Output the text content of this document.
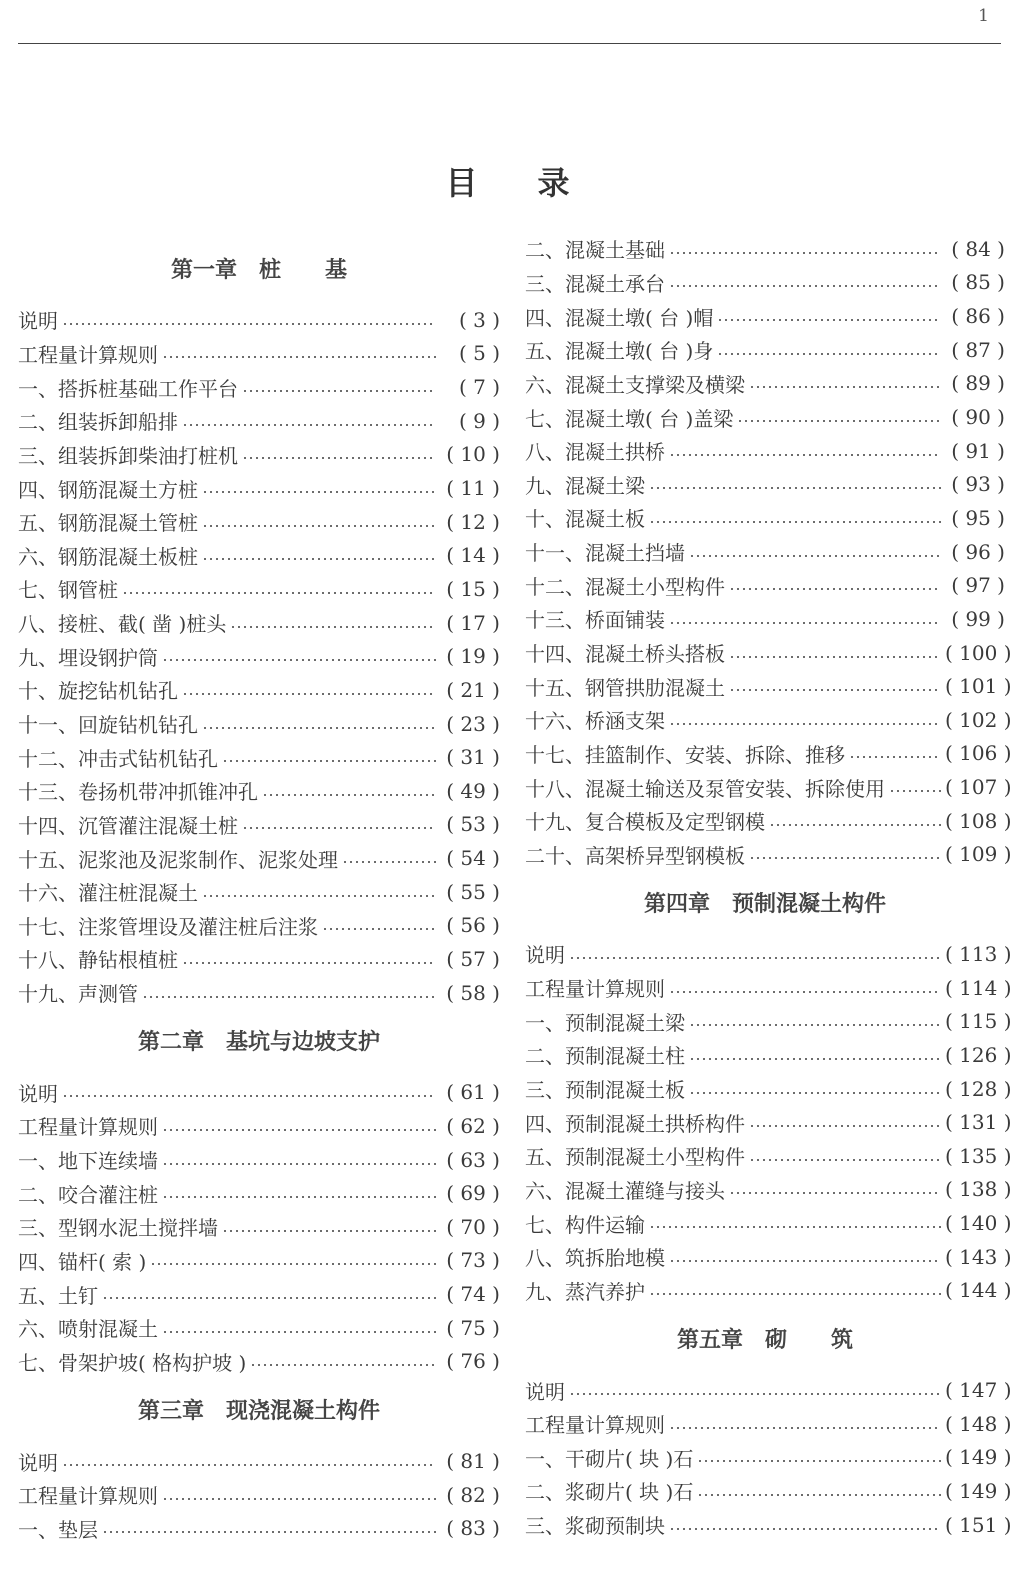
1
目录
第一章　桩　　基
说明	( 3 )
工程量计算规则	( 5 )
一、搭拆桩基础工作平台	( 7 )
二、组装拆卸船排	( 9 )
三、组装拆卸柴油打桩机	( 10 )
四、钢筋混凝土方桩	( 11 )
五、钢筋混凝土管桩	( 12 )
六、钢筋混凝土板桩	( 14 )
七、钢管桩	( 15 )
八、接桩、截( 凿 )桩头	( 17 )
九、埋设钢护筒	( 19 )
十、旋挖钻机钻孔	( 21 )
十一、回旋钻机钻孔	( 23 )
十二、冲击式钻机钻孔	( 31 )
十三、卷扬机带冲抓锥冲孔	( 49 )
十四、沉管灌注混凝土桩	( 53 )
十五、泥浆池及泥浆制作、泥浆处理	( 54 )
十六、灌注桩混凝土	( 55 )
十七、注浆管埋设及灌注桩后注浆	( 56 )
十八、静钻根植桩	( 57 )
十九、声测管	( 58 )
第二章　基坑与边坡支护
说明	( 61 )
工程量计算规则	( 62 )
一、地下连续墙	( 63 )
二、咬合灌注桩	( 69 )
三、型钢水泥土搅拌墙	( 70 )
四、锚杆( 索 )	( 73 )
五、土钉	( 74 )
六、喷射混凝土	( 75 )
七、骨架护坡( 格构护坡 )	( 76 )
第三章　现浇混凝土构件
说明	( 81 )
工程量计算规则	( 82 )
一、垫层	( 83 )
二、混凝土基础	( 84 )
三、混凝土承台	( 85 )
四、混凝土墩( 台 )帽	( 86 )
五、混凝土墩( 台 )身	( 87 )
六、混凝土支撑梁及横梁	( 89 )
七、混凝土墩( 台 )盖梁	( 90 )
八、混凝土拱桥	( 91 )
九、混凝土梁	( 93 )
十、混凝土板	( 95 )
十一、混凝土挡墙	( 96 )
十二、混凝土小型构件	( 97 )
十三、桥面铺装	( 99 )
十四、混凝土桥头搭板	( 100 )
十五、钢管拱肋混凝土	( 101 )
十六、桥涵支架	( 102 )
十七、挂篮制作、安装、拆除、推移	( 106 )
十八、混凝土输送及泵管安装、拆除使用	( 107 )
十九、复合模板及定型钢模	( 108 )
二十、高架桥异型钢模板	( 109 )
第四章　预制混凝土构件
说明	( 113 )
工程量计算规则	( 114 )
一、预制混凝土梁	( 115 )
二、预制混凝土柱	( 126 )
三、预制混凝土板	( 128 )
四、预制混凝土拱桥构件	( 131 )
五、预制混凝土小型构件	( 135 )
六、混凝土灌缝与接头	( 138 )
七、构件运输	( 140 )
八、筑拆胎地模	( 143 )
九、蒸汽养护	( 144 )
第五章　砌　　筑
说明	( 147 )
工程量计算规则	( 148 )
一、干砌片( 块 )石	( 149 )
二、浆砌片( 块 )石	( 149 )
三、浆砌预制块	( 151 )
